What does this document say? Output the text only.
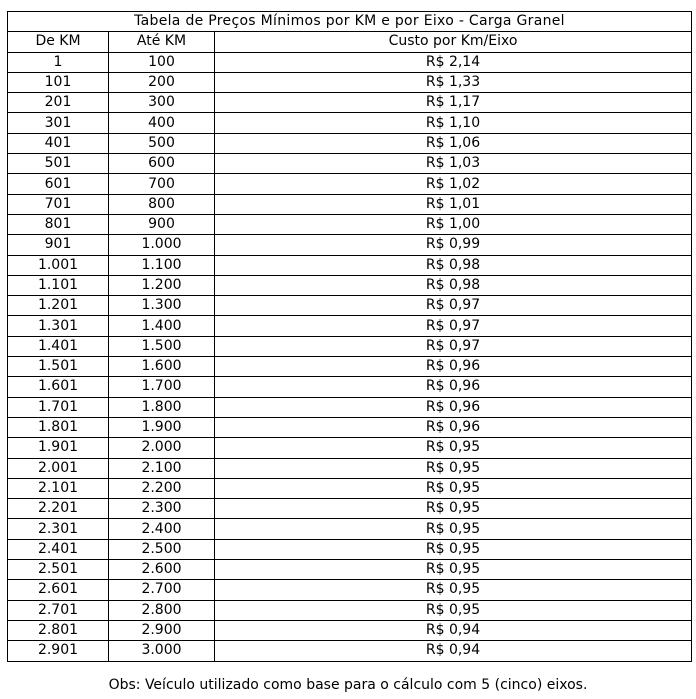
Tabela de Preços Mínimos por KM e por Eixo - Carga Granel		
De KM	Até KM	Custo por Km/Eixo
1	100	R$ 2,14
101	200	R$ 1,33
201	300	R$ 1,17
301	400	R$ 1,10
401	500	R$ 1,06
501	600	R$ 1,03
601	700	R$ 1,02
701	800	R$ 1,01
801	900	R$ 1,00
901	1.000	R$ 0,99
1.001	1.100	R$ 0,98
1.101	1.200	R$ 0,98
1.201	1.300	R$ 0,97
1.301	1.400	R$ 0,97
1.401	1.500	R$ 0,97
1.501	1.600	R$ 0,96
1.601	1.700	R$ 0,96
1.701	1.800	R$ 0,96
1.801	1.900	R$ 0,96
1.901	2.000	R$ 0,95
2.001	2.100	R$ 0,95
2.101	2.200	R$ 0,95
2.201	2.300	R$ 0,95
2.301	2.400	R$ 0,95
2.401	2.500	R$ 0,95
2.501	2.600	R$ 0,95
2.601	2.700	R$ 0,95
2.701	2.800	R$ 0,95
2.801	2.900	R$ 0,94
2.901	3.000	R$ 0,94
Obs: Veículo utilizado como base para o cálculo com 5 (cinco) eixos.
